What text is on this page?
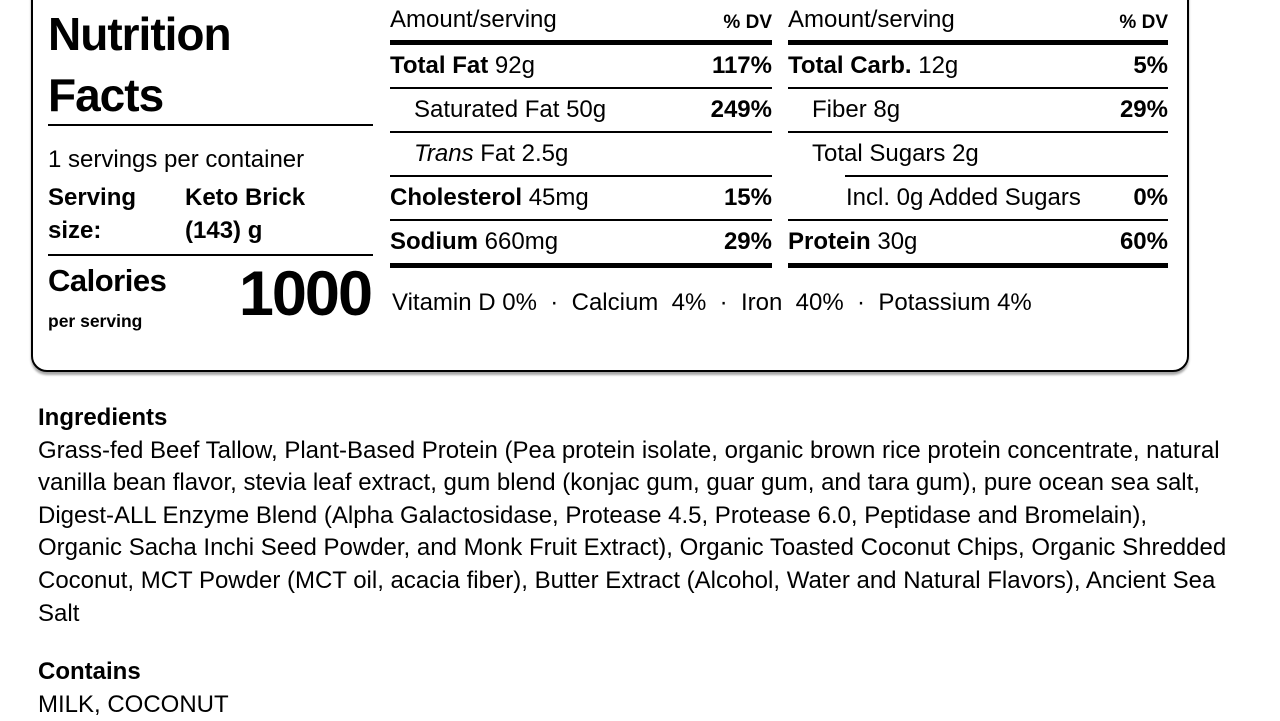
Nutrition
Facts
1 servings per container
Serving
size:
Keto Brick
(143) g
Calories
per serving 1000
Amount/serving	% DV
Total Fat 92g	117%
Saturated Fat 50g	249%
Trans Fat 2.5g
Cholesterol 45mg	15%
Sodium 660mg	29%
Amount/serving	% DV
Total Carb. 12g	5%
Fiber 8g	29%
Total Sugars 2g
Incl. 0g Added Sugars 0%
Protein 30g	60%
Vitamin D 0%  ·  Calcium  4%  ·  Iron  40%  ·  Potassium 4%
Ingredients
Grass-fed Beef Tallow, Plant-Based Protein (Pea protein isolate, organic brown rice protein concentrate, natural vanilla bean flavor, stevia leaf extract, gum blend (konjac gum, guar gum, and tara gum), pure ocean sea salt, Digest-ALL Enzyme Blend (Alpha Galactosidase, Protease 4.5, Protease 6.0, Peptidase and Bromelain), Organic Sacha Inchi Seed Powder, and Monk Fruit Extract), Organic Toasted Coconut Chips, Organic Shredded Coconut, MCT Powder (MCT oil, acacia fiber), Butter Extract (Alcohol, Water and Natural Flavors), Ancient Sea Salt
Contains
MILK, COCONUT
